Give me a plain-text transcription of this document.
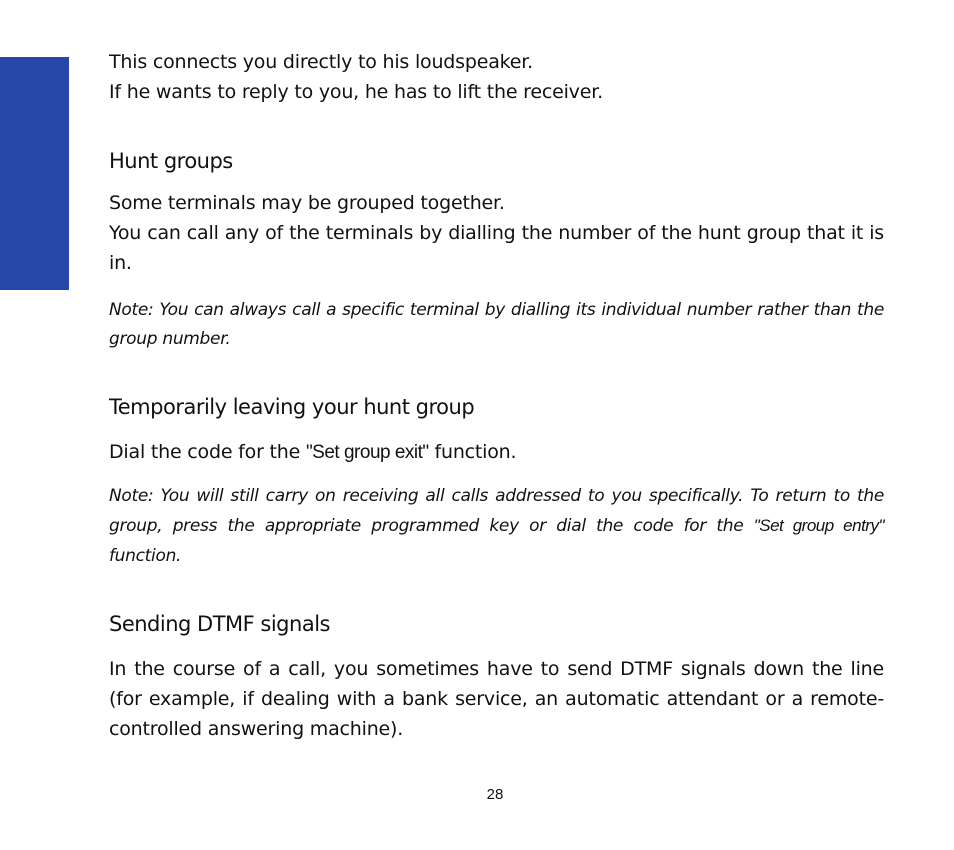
This connects you directly to his loudspeaker.

If he wants to reply to you, he has to lift the receiver.

Hunt groups

Some terminals may be grouped together.

You can call any of the terminals by dialling the number of the hunt group that it is in.

Note: You can always call a specific terminal by dialling its individual number rather than the group number.

Temporarily leaving your hunt group

Dial the code for the "Set group exit" function.

Note: You will still carry on receiving all calls addressed to you specifically. To return to the group, press the appropriate programmed key or dial the code for the "Set group entry" function.

Sending DTMF signals

In the course of a call, you sometimes have to send DTMF signals down the line (for example, if dealing with a bank service, an automatic attendant or a remote-controlled answering machine).

28
